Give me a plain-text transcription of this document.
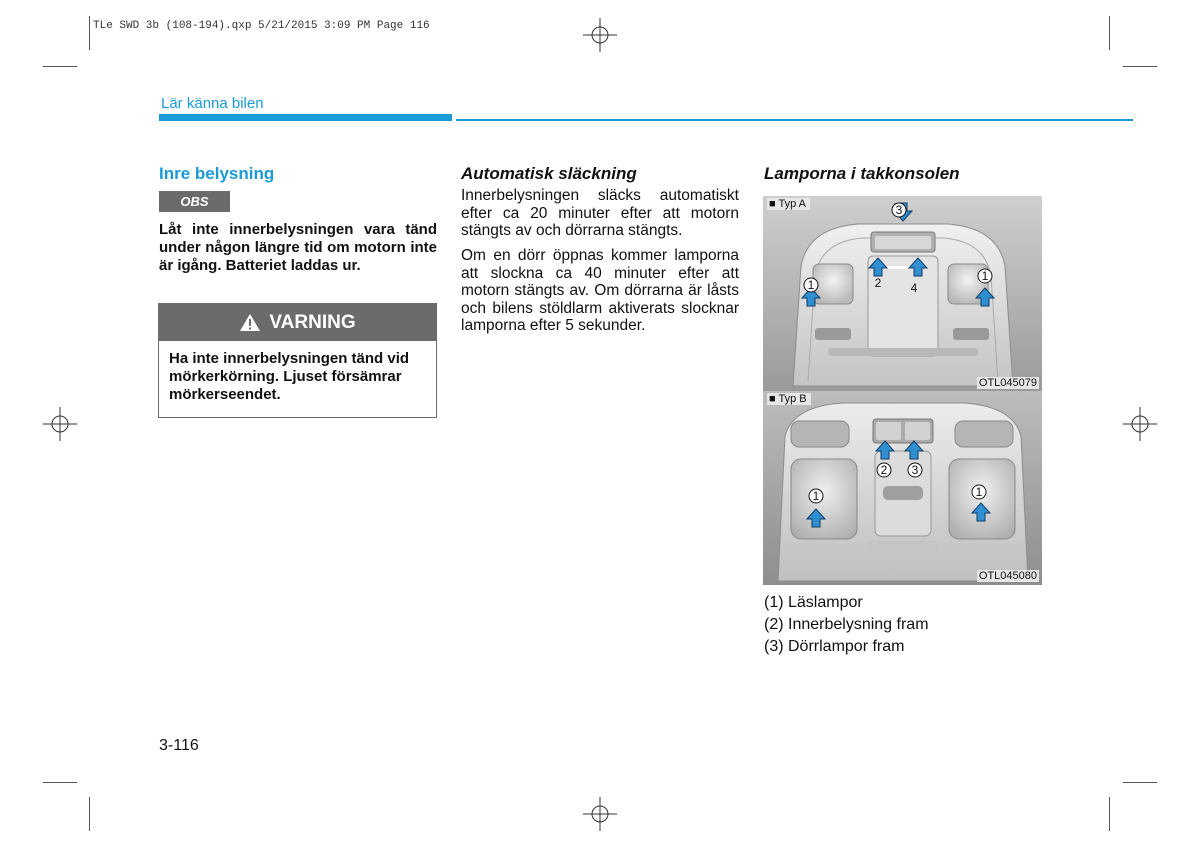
TLe SWD 3b (108-194).qxp 5/21/2015 3:09 PM Page 116
Lär känna bilen
Inre belysning
OBS
Låt inte innerbelysningen vara tänd under någon längre tid om motorn inte är igång. Batteriet laddas ur.
VARNING
Ha inte innerbelysningen tänd vid mörkerkörning. Ljuset försämrar mörkerseendet.
Automatisk släckning
Innerbelysningen släcks automatiskt efter ca 20 minuter efter att motorn stängts av och dörrarna stängts.
Om en dörr öppnas kommer lamporna att slockna ca 40 minuter efter att motorn stängts av. Om dörrarna är låsts och bilens stöldlarm aktiverats slocknar lamporna efter 5 sekunder.
Lamporna i takkonsolen
3
1
1
2 4
■ Typ A
OTL045079
2 3
1	1
■ Typ B
OTL045080
(1) Läslampor
(2) Innerbelysning fram
(3) Dörrlampor fram
3-116
